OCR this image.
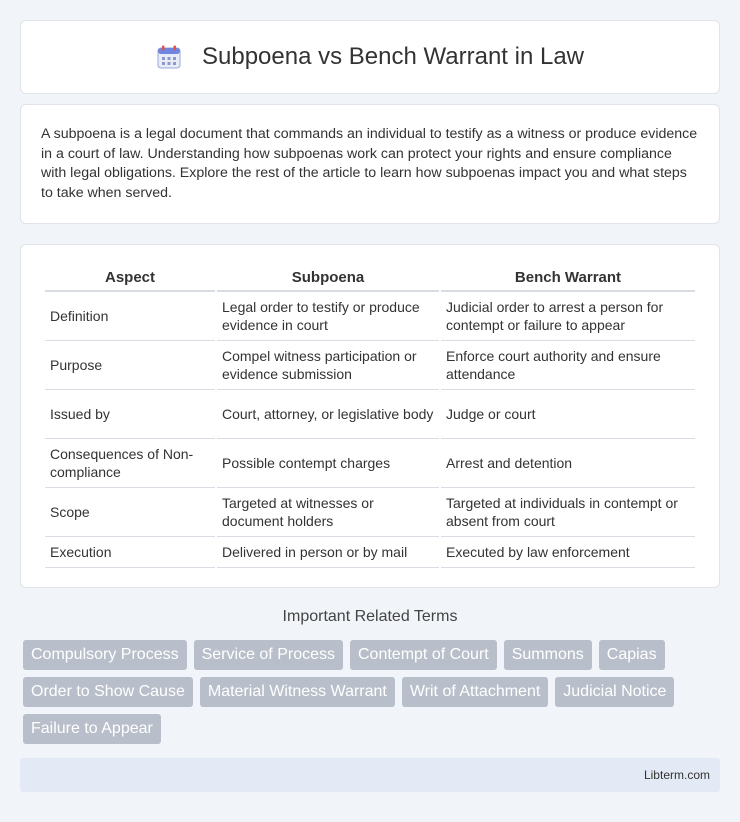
Subpoena vs Bench Warrant in Law

A subpoena is a legal document that commands an individual to testify as a witness or produce evidence in a court of law. Understanding how subpoenas work can protect your rights and ensure compliance with legal obligations. Explore the rest of the article to learn how subpoenas impact you and what steps to take when served.

Aspect	Subpoena	Bench Warrant
Definition	Legal order to testify or produce evidence in court	Judicial order to arrest a person for contempt or failure to appear
Purpose	Compel witness participation or evidence submission	Enforce court authority and ensure attendance
Issued by	Court, attorney, or legislative body	Judge or court
Consequences of Non-compliance	Possible contempt charges	Arrest and detention
Scope	Targeted at witnesses or document holders	Targeted at individuals in contempt or absent from court
Execution	Delivered in person or by mail	Executed by law enforcement
Important Related Terms
Compulsory Process	Service of Process	Contempt of Court	Summons	Capias
Order to Show Cause	Material Witness Warrant	Writ of Attachment	Judicial Notice
Failure to Appear
Libterm.com
